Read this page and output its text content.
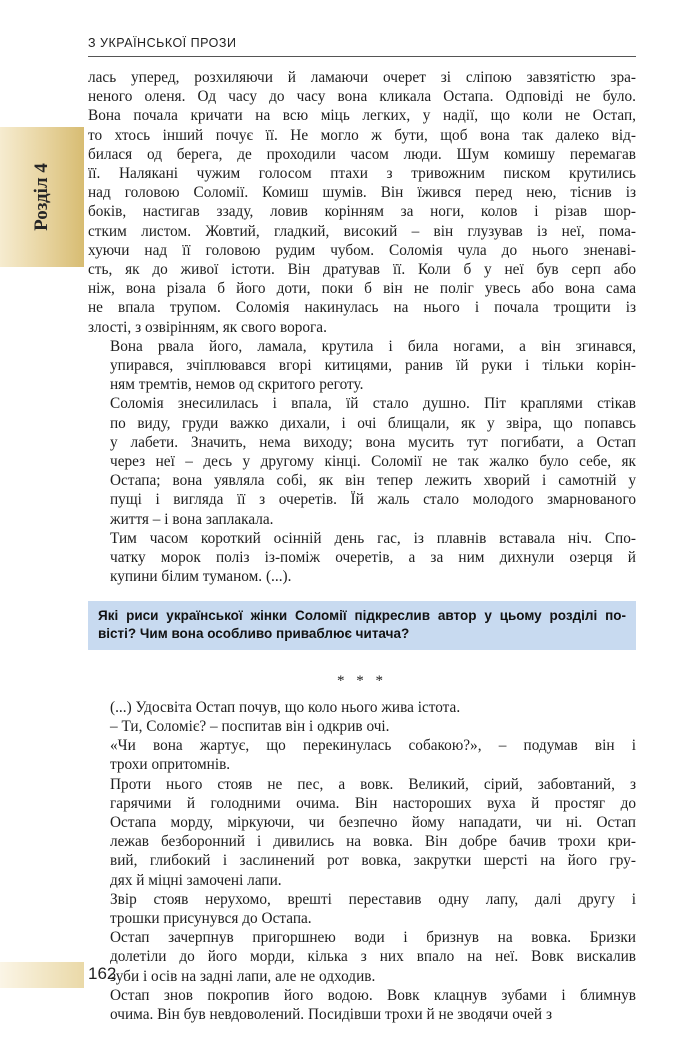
З УКРАЇНСЬКОЇ ПРОЗИ
Розділ 4

лась уперед, розхиляючи й ламаючи очерет зі сліпою завзятістю зра-
неного оленя. Од часу до часу вона кликала Остапа. Одповіді не було.
Вона почала кричати на всю міць легких, у надії, що коли не Остап,
то хтось інший почує її. Не могло ж бути, щоб вона так далеко від-
билася од берега, де проходили часом люди. Шум комишу перемагав
її. Налякані чужим голосом птахи з тривожним писком крутились
над головою Соломії. Комиш шумів. Він їжився перед нею, тіснив із
боків, настигав ззаду, ловив корінням за ноги, колов і різав шор-
стким листом. Жовтий, гладкий, високий – він глузував із неї, пома-
хуючи над її головою рудим чубом. Соломія чула до нього зненаві-
сть, як до живої істоти. Він дратував її. Коли б у неї був серп або
ніж, вона різала б його доти, поки б він не поліг увесь або вона сама
не впала трупом. Соломія накинулась на нього і почала трощити із
злості, з озвірінням, як свого ворога.

Вона рвала його, ламала, крутила і била ногами, а він згинався,
упирався, зчіплювався вгорі китицями, ранив їй руки і тільки корін-
ням тремтів, немов од скритого реготу.

Соломія знесилилась і впала, їй стало душно. Піт краплями стікав
по виду, груди важко дихали, і очі блищали, як у звіра, що попавсь
у лабети. Значить, нема виходу; вона мусить тут погибати, а Остап
через неї – десь у другому кінці. Соломії не так жалко було себе, як
Остапа; вона уявляла собі, як він тепер лежить хворий і самотній у
пущі і вигляда її з очеретів. Їй жаль стало молодого змарнованого
життя – і вона заплакала.

Тим часом короткий осінній день гас, із плавнів вставала ніч. Спо-
чатку морок поліз із-поміж очеретів, а за ним дихнули озерця й
купини білим туманом. (...).

Які риси української жінки Соломії підкреслив автор у цьому розділі по-
вісті? Чим вона особливо приваблює читача?
* * *

(...) Удосвіта Остап почув, що коло нього жива істота.

– Ти, Соломіє? – поспитав він і одкрив очі.

«Чи вона жартує, що перекинулась собакою?», – подумав він і
трохи опритомнів.

Проти нього стояв не пес, а вовк. Великий, сірий, забовтаний, з
гарячими й голодними очима. Він настороших вуха й простяг до
Остапа морду, міркуючи, чи безпечно йому нападати, чи ні. Остап
лежав безборонний і дивились на вовка. Він добре бачив трохи кри-
вий, глибокий і заслинений рот вовка, закрутки шерсті на його гру-
дях й міцні замочені лапи.

Звір стояв нерухомо, врешті переставив одну лапу, далі другу і
трошки присунувся до Остапа.

Остап зачерпнув пригоршнею води і бризнув на вовка. Бризки
долетіли до його морди, кілька з них впало на неї. Вовк вискалив
зуби і осів на задні лапи, але не одходив.

Остап знов покропив його водою. Вовк клацнув зубами і блимнув
очима. Він був невдоволений. Посидівши трохи й не зводячи очей з

162
